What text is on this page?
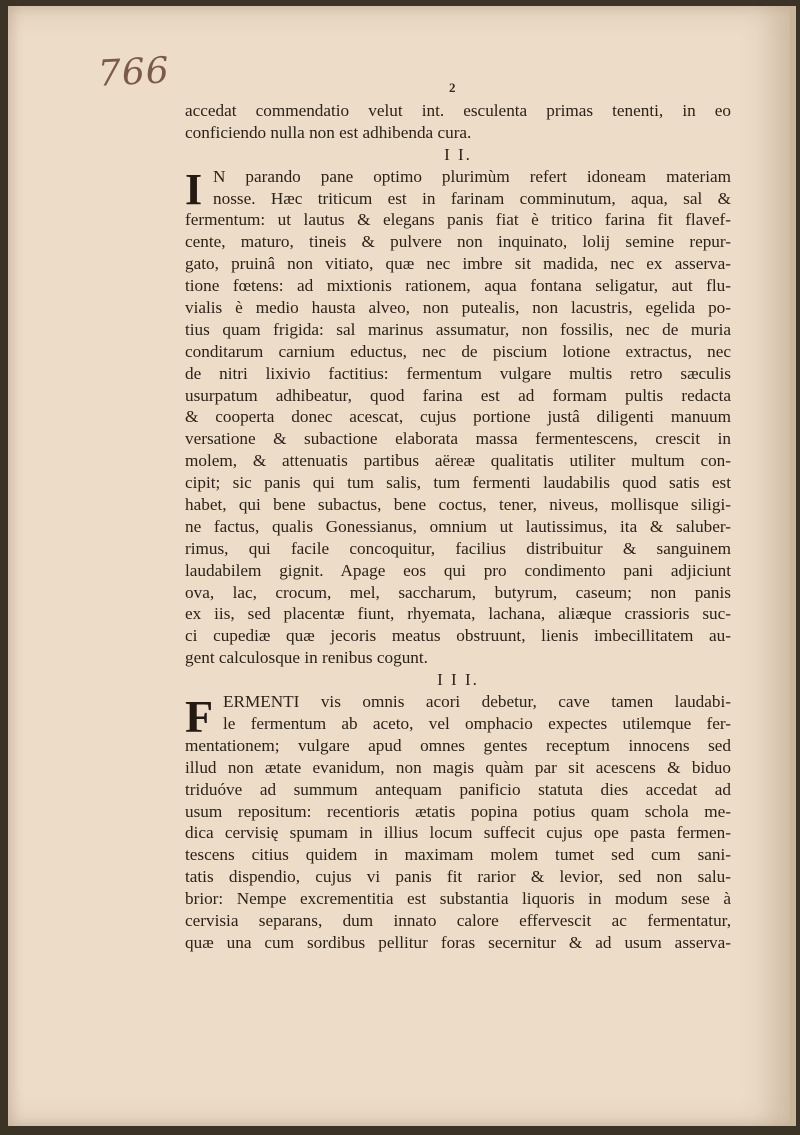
766	2
accedat commendatio velut int. esculenta primas tenenti, in eo
conficiendo nulla non est adhibenda cura.
I I.
I N parando pane optimo plurimùm refert idoneam materiam
nosse. Hæc triticum est in farinam comminutum, aqua, sal &
fermentum: ut lautus & elegans panis fiat è tritico farina fit flavef-
cente, maturo, tineis & pulvere non inquinato, lolij semine repur-
gato, pruinâ non vitiato, quæ nec imbre sit madida, nec ex asserva-
tione fœtens: ad mixtionis rationem, aqua fontana seligatur, aut flu-
vialis è medio hausta alveo, non putealis, non lacustris, egelida po-
tius quam frigida: sal marinus assumatur, non fossilis, nec de muria
conditarum carnium eductus, nec de piscium lotione extractus, nec
de nitri lixivio factitius: fermentum vulgare multis retro sæculis
usurpatum adhibeatur, quod farina est ad formam pultis redacta
& cooperta donec acescat, cujus portione justâ diligenti manuum
versatione & subactione elaborata massa fermentescens, crescit in
molem, & attenuatis partibus aëreæ qualitatis utiliter multum con-
cipit; sic panis qui tum salis, tum fermenti laudabilis quod satis est
habet, qui bene subactus, bene coctus, tener, niveus, mollisque siligi-
ne factus, qualis Gonessianus, omnium ut lautissimus, ita & saluber-
rimus, qui facile concoquitur, facilius distribuitur & sanguinem
laudabilem gignit. Apage eos qui pro condimento pani adjiciunt
ova, lac, crocum, mel, saccharum, butyrum, caseum; non panis
ex iis, sed placentæ fiunt, rhyemata, lachana, aliæque crassioris suc-
ci cupediæ quæ jecoris meatus obstruunt, lienis imbecillitatem au-
gent calculosque in renibus cogunt.
I I I.
F ERMENTI vis omnis acori debetur, cave tamen laudabi-
le fermentum ab aceto, vel omphacio expectes utilemque fer-
mentationem; vulgare apud omnes gentes receptum innocens sed
illud non ætate evanidum, non magis quàm par sit acescens & biduo
triduóve ad summum antequam panificio statuta dies accedat ad
usum repositum: recentioris ætatis popina potius quam schola me-
dica cervisię spumam in illius locum suffecit cujus ope pasta fermen-
tescens citius quidem in maximam molem tumet sed cum sani-
tatis dispendio, cujus vi panis fit rarior & levior, sed non salu-
brior: Nempe excrementitia est substantia liquoris in modum sese à
cervisia separans, dum innato calore effervescit ac fermentatur,
quæ una cum sordibus pellitur foras secernitur & ad usum asserva-
